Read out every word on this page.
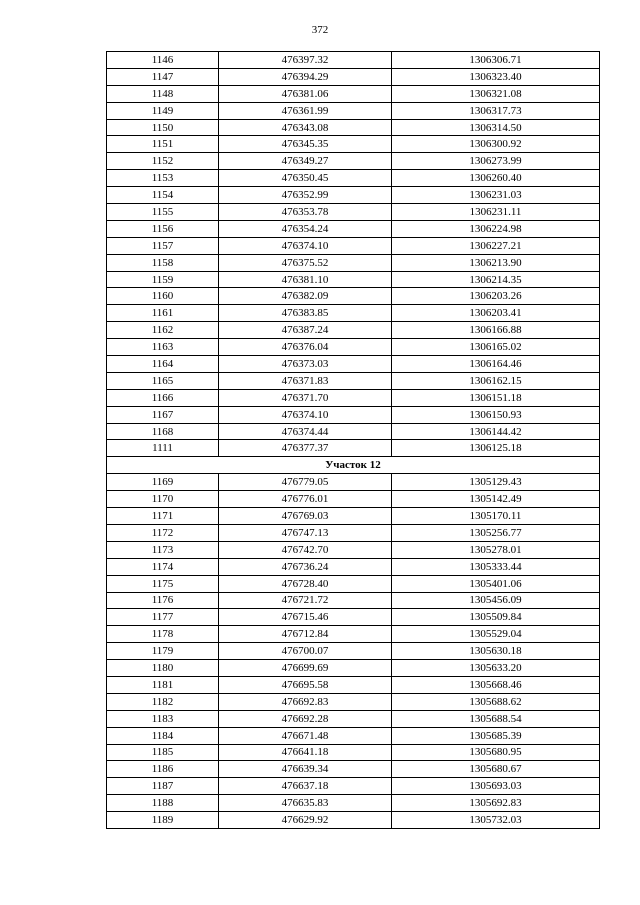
372
1146	476397.32	1306306.71
1147	476394.29	1306323.40
1148	476381.06	1306321.08
1149	476361.99	1306317.73
1150	476343.08	1306314.50
1151	476345.35	1306300.92
1152	476349.27	1306273.99
1153	476350.45	1306260.40
1154	476352.99	1306231.03
1155	476353.78	1306231.11
1156	476354.24	1306224.98
1157	476374.10	1306227.21
1158	476375.52	1306213.90
1159	476381.10	1306214.35
1160	476382.09	1306203.26
1161	476383.85	1306203.41
1162	476387.24	1306166.88
1163	476376.04	1306165.02
1164	476373.03	1306164.46
1165	476371.83	1306162.15
1166	476371.70	1306151.18
1167	476374.10	1306150.93
1168	476374.44	1306144.42
1111	476377.37	1306125.18
Участок 12		
1169	476779.05	1305129.43
1170	476776.01	1305142.49
1171	476769.03	1305170.11
1172	476747.13	1305256.77
1173	476742.70	1305278.01
1174	476736.24	1305333.44
1175	476728.40	1305401.06
1176	476721.72	1305456.09
1177	476715.46	1305509.84
1178	476712.84	1305529.04
1179	476700.07	1305630.18
1180	476699.69	1305633.20
1181	476695.58	1305668.46
1182	476692.83	1305688.62
1183	476692.28	1305688.54
1184	476671.48	1305685.39
1185	476641.18	1305680.95
1186	476639.34	1305680.67
1187	476637.18	1305693.03
1188	476635.83	1305692.83
1189	476629.92	1305732.03
